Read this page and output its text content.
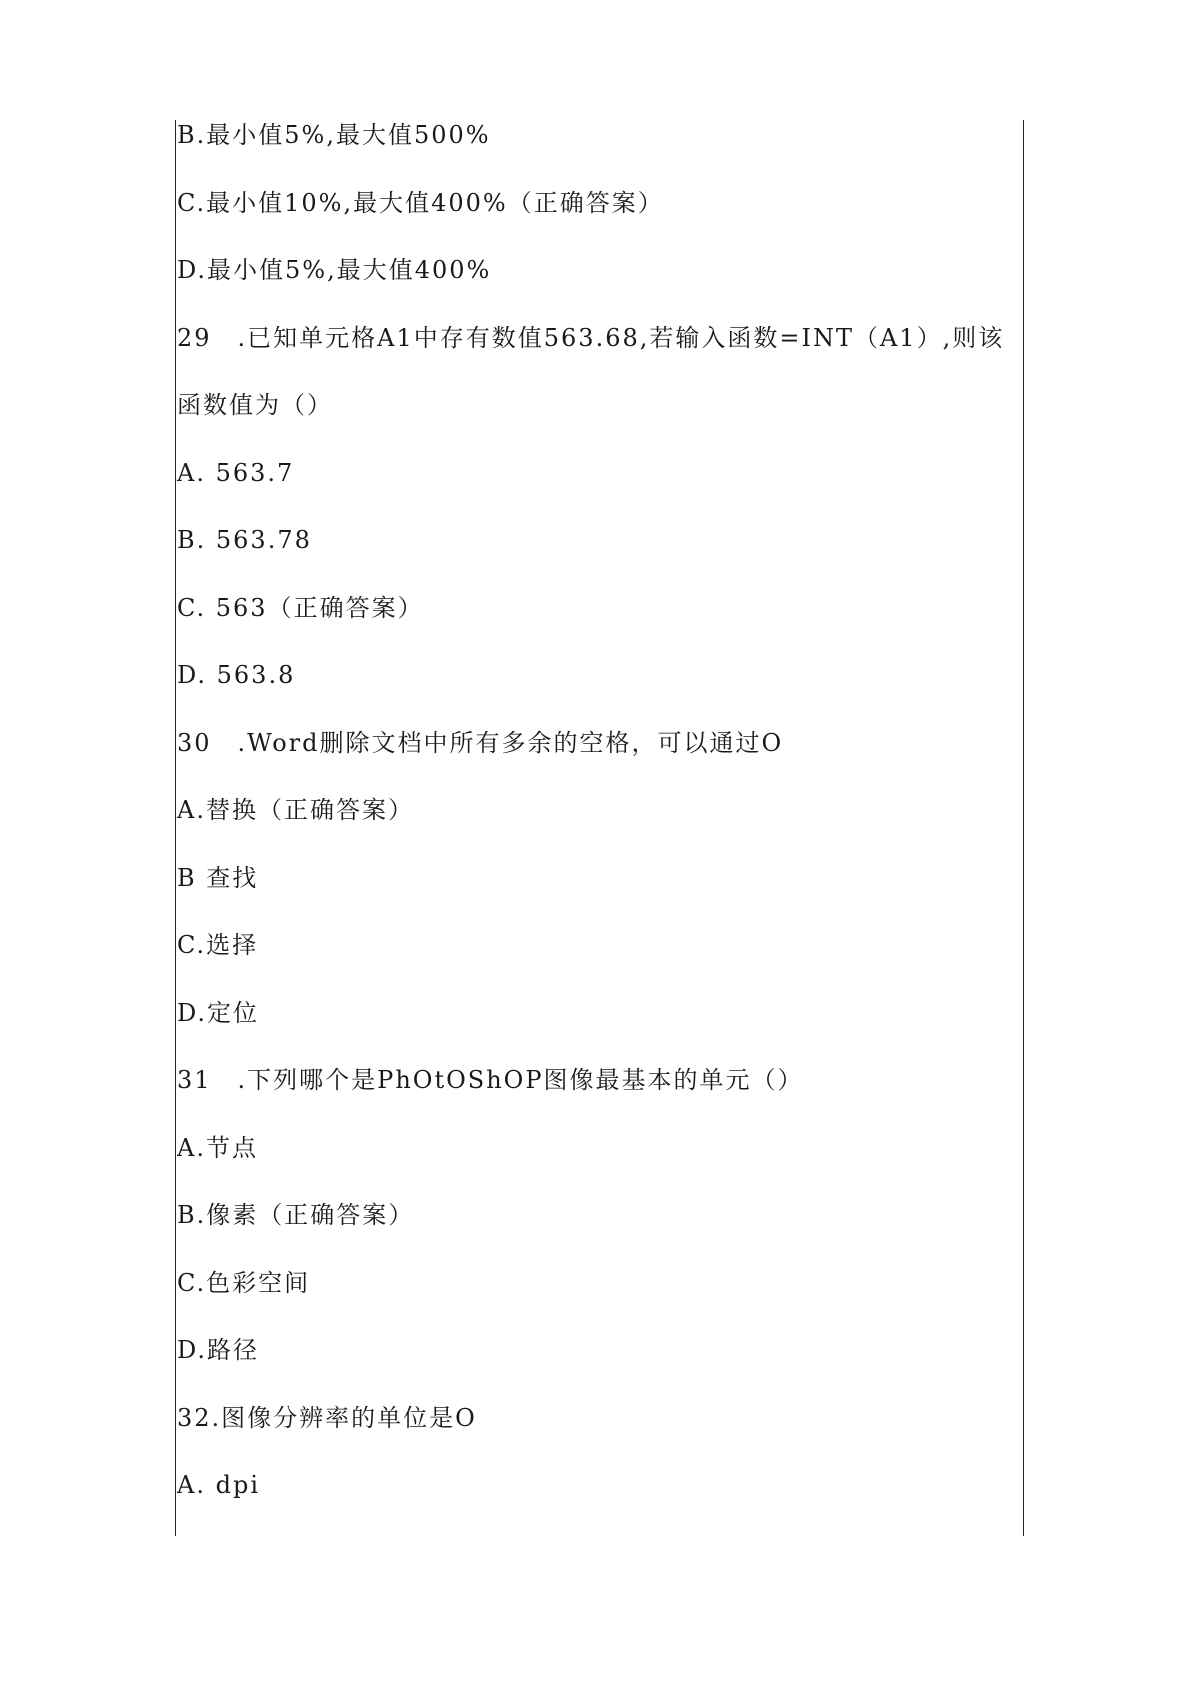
B.最小值5%,最大值500%
C.最小值10%,最大值400%（正确答案）
D.最小值5%,最大值400%
29　.已知单元格A1中存有数值563.68,若输入函数=INT（A1）,则该
函数值为（）
A. 563.7
B. 563.78
C. 563（正确答案）
D. 563.8
30　.Word删除文档中所有多余的空格，可以通过O
A.替换（正确答案）
B 查找
C.选择
D.定位
31　.下列哪个是PhOtOShOP图像最基本的单元（）
A.节点
B.像素（正确答案）
C.色彩空间
D.路径
32.图像分辨率的单位是O
A. dpi
